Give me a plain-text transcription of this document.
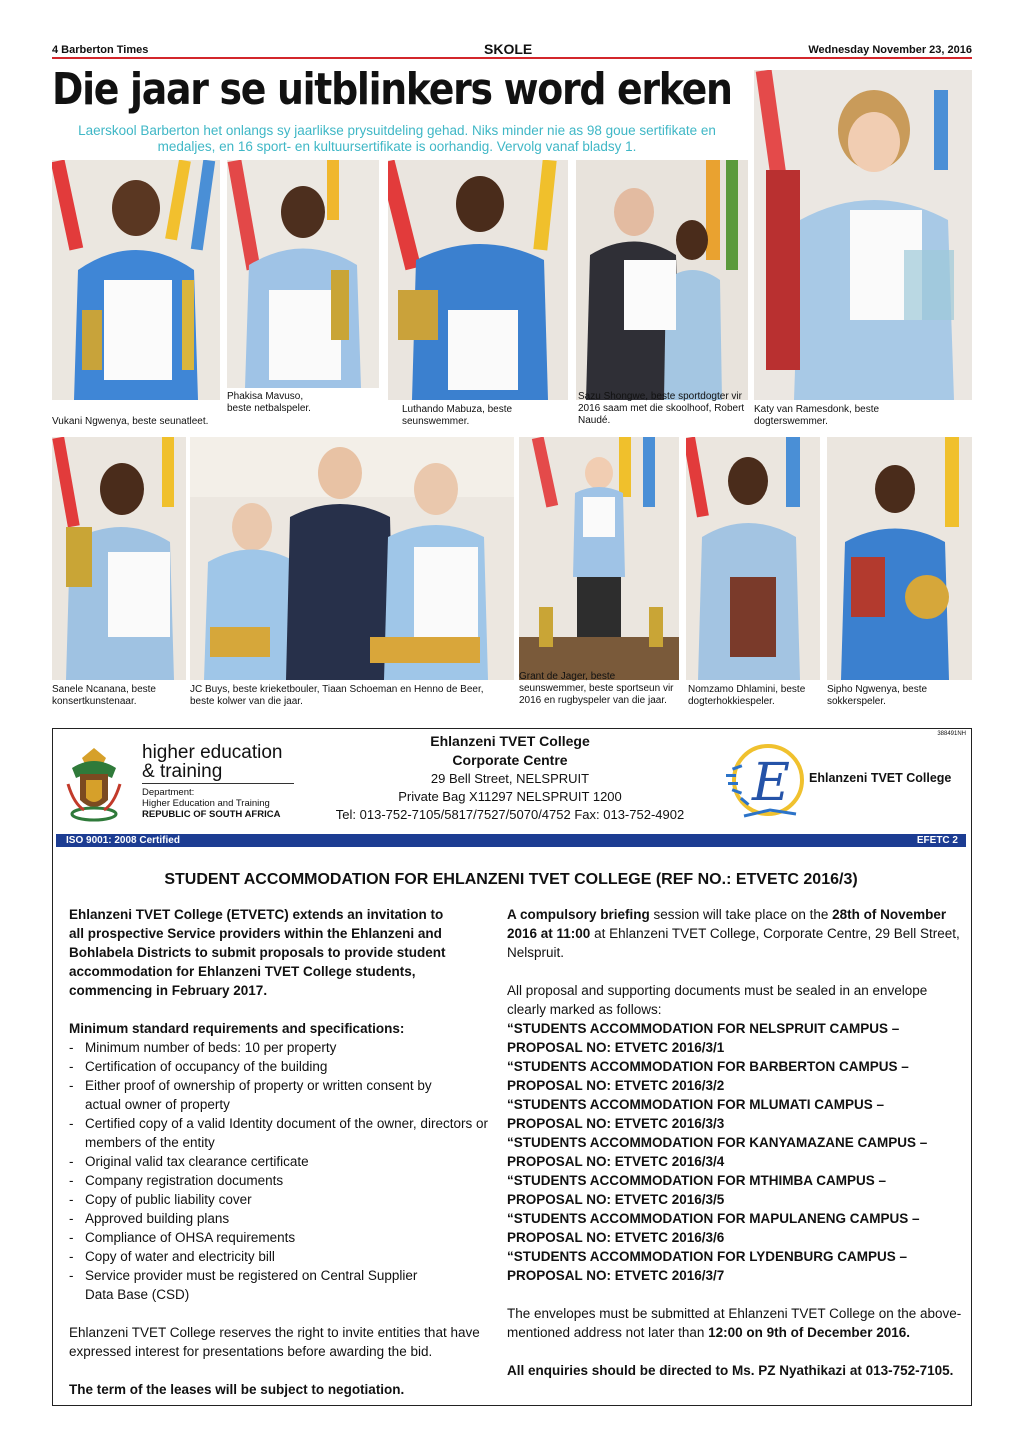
4 Barberton Times	SKOLE	Wednesday November 23, 2016
Die jaar se uitblinkers word erken
Laerskool Barberton het onlangs sy jaarlikse prysuitdeling gehad. Niks minder nie as 98 goue sertifikate en medaljes, en 16 sport- en kultuursertifikate is oorhandig. Vervolg vanaf bladsy 1.
Vukani Ngwenya, beste seunatleet.
Phakisa Mavuso, beste netbalspeler.	Luthando Mabuza, beste seunswemmer.
Sazu Shongwe, beste sportdogter vir 2016 saam met die skoolhoof, Robert Naudé.
Katy van Ramesdonk, beste dogterswemmer.
Sanele Ncanana, beste konsertkunstenaar.
JC Buys, beste krieketbouler, Tiaan Schoeman en Henno de Beer, beste kolwer van die jaar.
Grant de Jager, beste seunswemmer, beste sportseun vir 2016 en rugbyspeler van die jaar.
Nomzamo Dhlamini, beste dogterhokkiespeler.
Sipho Ngwenya, beste sokkerspeler.
388491NH
higher education
& training
Department:
Higher Education and Training
REPUBLIC OF SOUTH AFRICA
Ehlanzeni TVET College
Corporate Centre
29 Bell Street, NELSPRUIT
Private Bag X11297 NELSPRUIT 1200
Tel: 013-752-7105/5817/7527/5070/4752 Fax: 013-752-4902
E Ehlanzeni TVET College
ISO 9001: 2008 Certified	EFETC 2
STUDENT ACCOMMODATION FOR EHLANZENI TVET COLLEGE (REF NO.: ETVETC 2016/3)

Ehlanzeni TVET College (ETVETC) extends an invitation to all prospective Service providers within the Ehlanzeni and Bohlabela Districts to submit proposals to provide student accommodation for Ehlanzeni TVET College students, commencing in February 2017.

Minimum standard requirements and specifications:

- Minimum number of beds: 10 per property
- Certification of occupancy of the building
- Either proof of ownership of property or written consent by actual owner of property
- Certified copy of a valid Identity document of the owner, directors or members of the entity
- Original valid tax clearance certificate
- Company registration documents
- Copy of public liability cover
- Approved building plans
- Compliance of OHSA requirements
- Copy of water and electricity bill
- Service provider must be registered on Central Supplier Data Base (CSD)

Ehlanzeni TVET College reserves the right to invite entities that have expressed interest for presentations before awarding the bid.

The term of the leases will be subject to negotiation.

A compulsory briefing session will take place on the 28th of November 2016 at 11:00 at Ehlanzeni TVET College, Corporate Centre, 29 Bell Street, Nelspruit.

All proposal and supporting documents must be sealed in an envelope clearly marked as follows:

“STUDENTS ACCOMMODATION FOR NELSPRUIT CAMPUS –
PROPOSAL NO: ETVETC 2016/3/1
“STUDENTS ACCOMMODATION FOR BARBERTON CAMPUS –
PROPOSAL NO: ETVETC 2016/3/2
“STUDENTS ACCOMMODATION FOR MLUMATI CAMPUS –
PROPOSAL NO: ETVETC 2016/3/3
“STUDENTS ACCOMMODATION FOR KANYAMAZANE CAMPUS –
PROPOSAL NO: ETVETC 2016/3/4
“STUDENTS ACCOMMODATION FOR MTHIMBA CAMPUS –
PROPOSAL NO: ETVETC 2016/3/5
“STUDENTS ACCOMMODATION FOR MAPULANENG CAMPUS –
PROPOSAL NO: ETVETC 2016/3/6
“STUDENTS ACCOMMODATION FOR LYDENBURG CAMPUS –
PROPOSAL NO: ETVETC 2016/3/7

The envelopes must be submitted at Ehlanzeni TVET College on the above-mentioned address not later than 12:00 on 9th of December 2016.

All enquiries should be directed to Ms. PZ Nyathikazi at 013-752-7105.
